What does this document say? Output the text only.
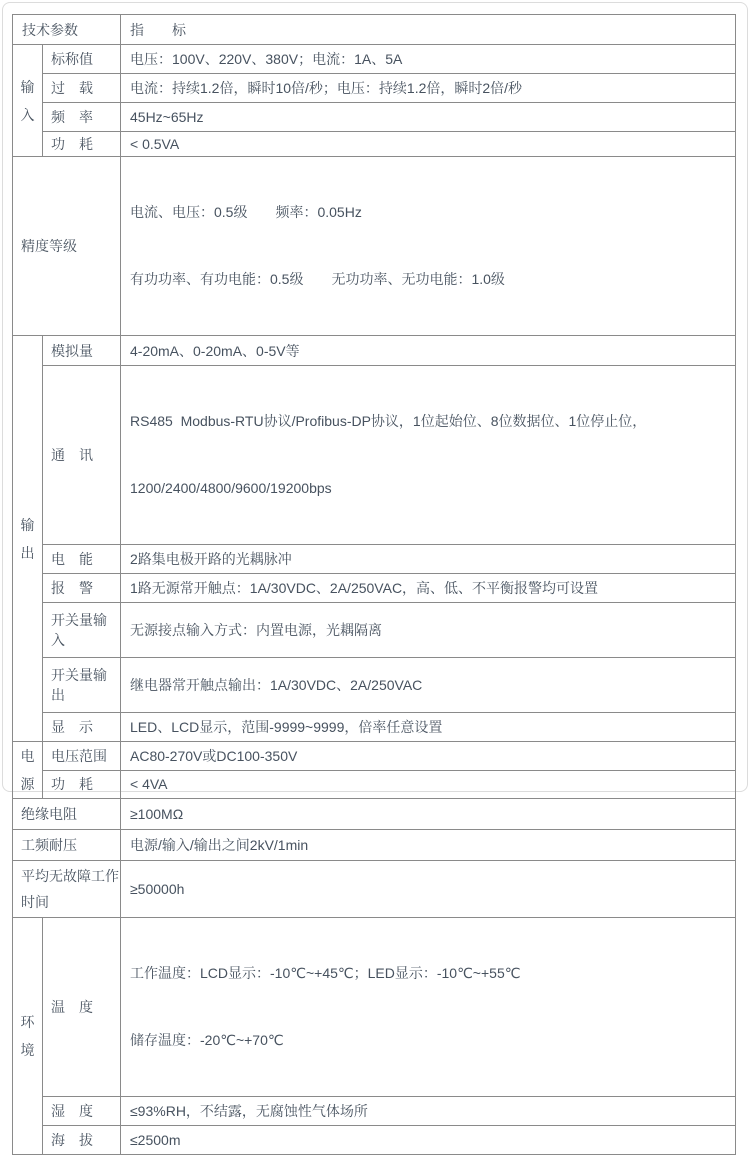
技术参数		指　　标
输入	标称值	电压：100V、220V、380V；电流：1A、5A
	过　载	电流：持续1.2倍，瞬时10倍/秒；电压：持续1.2倍，瞬时2倍/秒
	频　率	45Hz~65Hz
	功　耗	< 0.5VA
精度等级		电流、电压：0.5级　　频率：0.05Hz

有功功率、有功电能：0.5级　　无功功率、无功电能：1.0级

输出	模拟量	4-20mA、0-20mA、0-5V等
	通　讯	RS485  Modbus-RTU协议/Profibus-DP协议，1位起始位、8位数据位、1位停止位，

1200/2400/4800/9600/19200bps

	电　能	2路集电极开路的光耦脉冲
	报　警	1路无源常开触点：1A/30VDC、2A/250VAC，高、低、不平衡报警均可设置
	开关量输入	无源接点输入方式：内置电源，光耦隔离
	开关量输出	继电器常开触点输出：1A/30VDC、2A/250VAC
	显　示	LED、LCD显示，范围-9999~9999，倍率任意设置
电源	电压范围	AC80-270V或DC100-350V
	功　耗	< 4VA
绝缘电阻		≥100MΩ
工频耐压		电源/输入/输出之间2kV/1min
平均无故障工作时间		≥50000h
环境	温　度	工作温度：LCD显示：-10℃~+45℃；LED显示：-10℃~+55℃

储存温度：-20℃~+70℃

	湿　度	≤93%RH，不结露，无腐蚀性气体场所
	海　拔	≤2500m
